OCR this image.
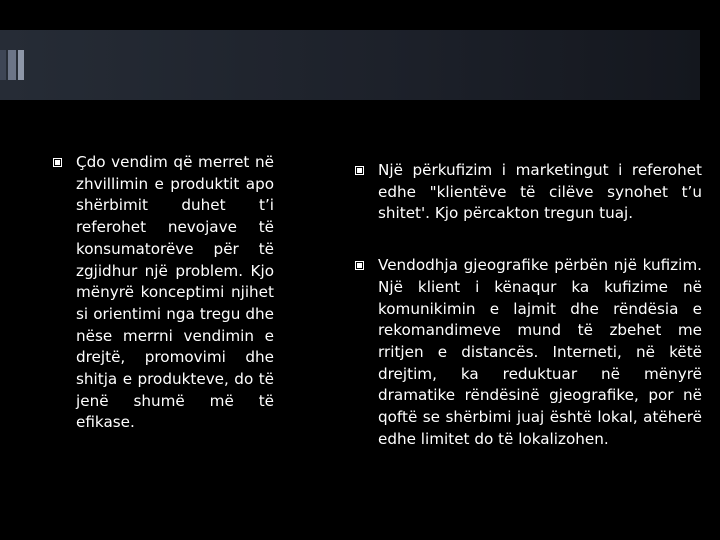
Çdo vendim që merret në zhvillimin e produktit apo shërbimit duhet t’i referohet nevojave të konsumatorëve për të zgjidhur një problem. Kjo mënyrë konceptimi njihet si orientimi nga tregu dhe nëse merrni vendimin e drejtë, promovimi dhe shitja e produkteve, do të jenë shumë më të efikase.
Një përkufizim i marketingut i referohet edhe "klientëve të cilëve synohet t’u shitet'. Kjo përcakton tregun tuaj.
Vendodhja gjeografike përbën një kufizim. Një klient i kënaqur ka kufizime në komunikimin e lajmit dhe rëndësia e rekomandimeve mund të zbehet me rritjen e distancës. Interneti, në këtë drejtim, ka reduktuar në mënyrë dramatike rëndësinë gjeografike, por në qoftë se shërbimi juaj është lokal, atëherë edhe limitet do të lokalizohen.
